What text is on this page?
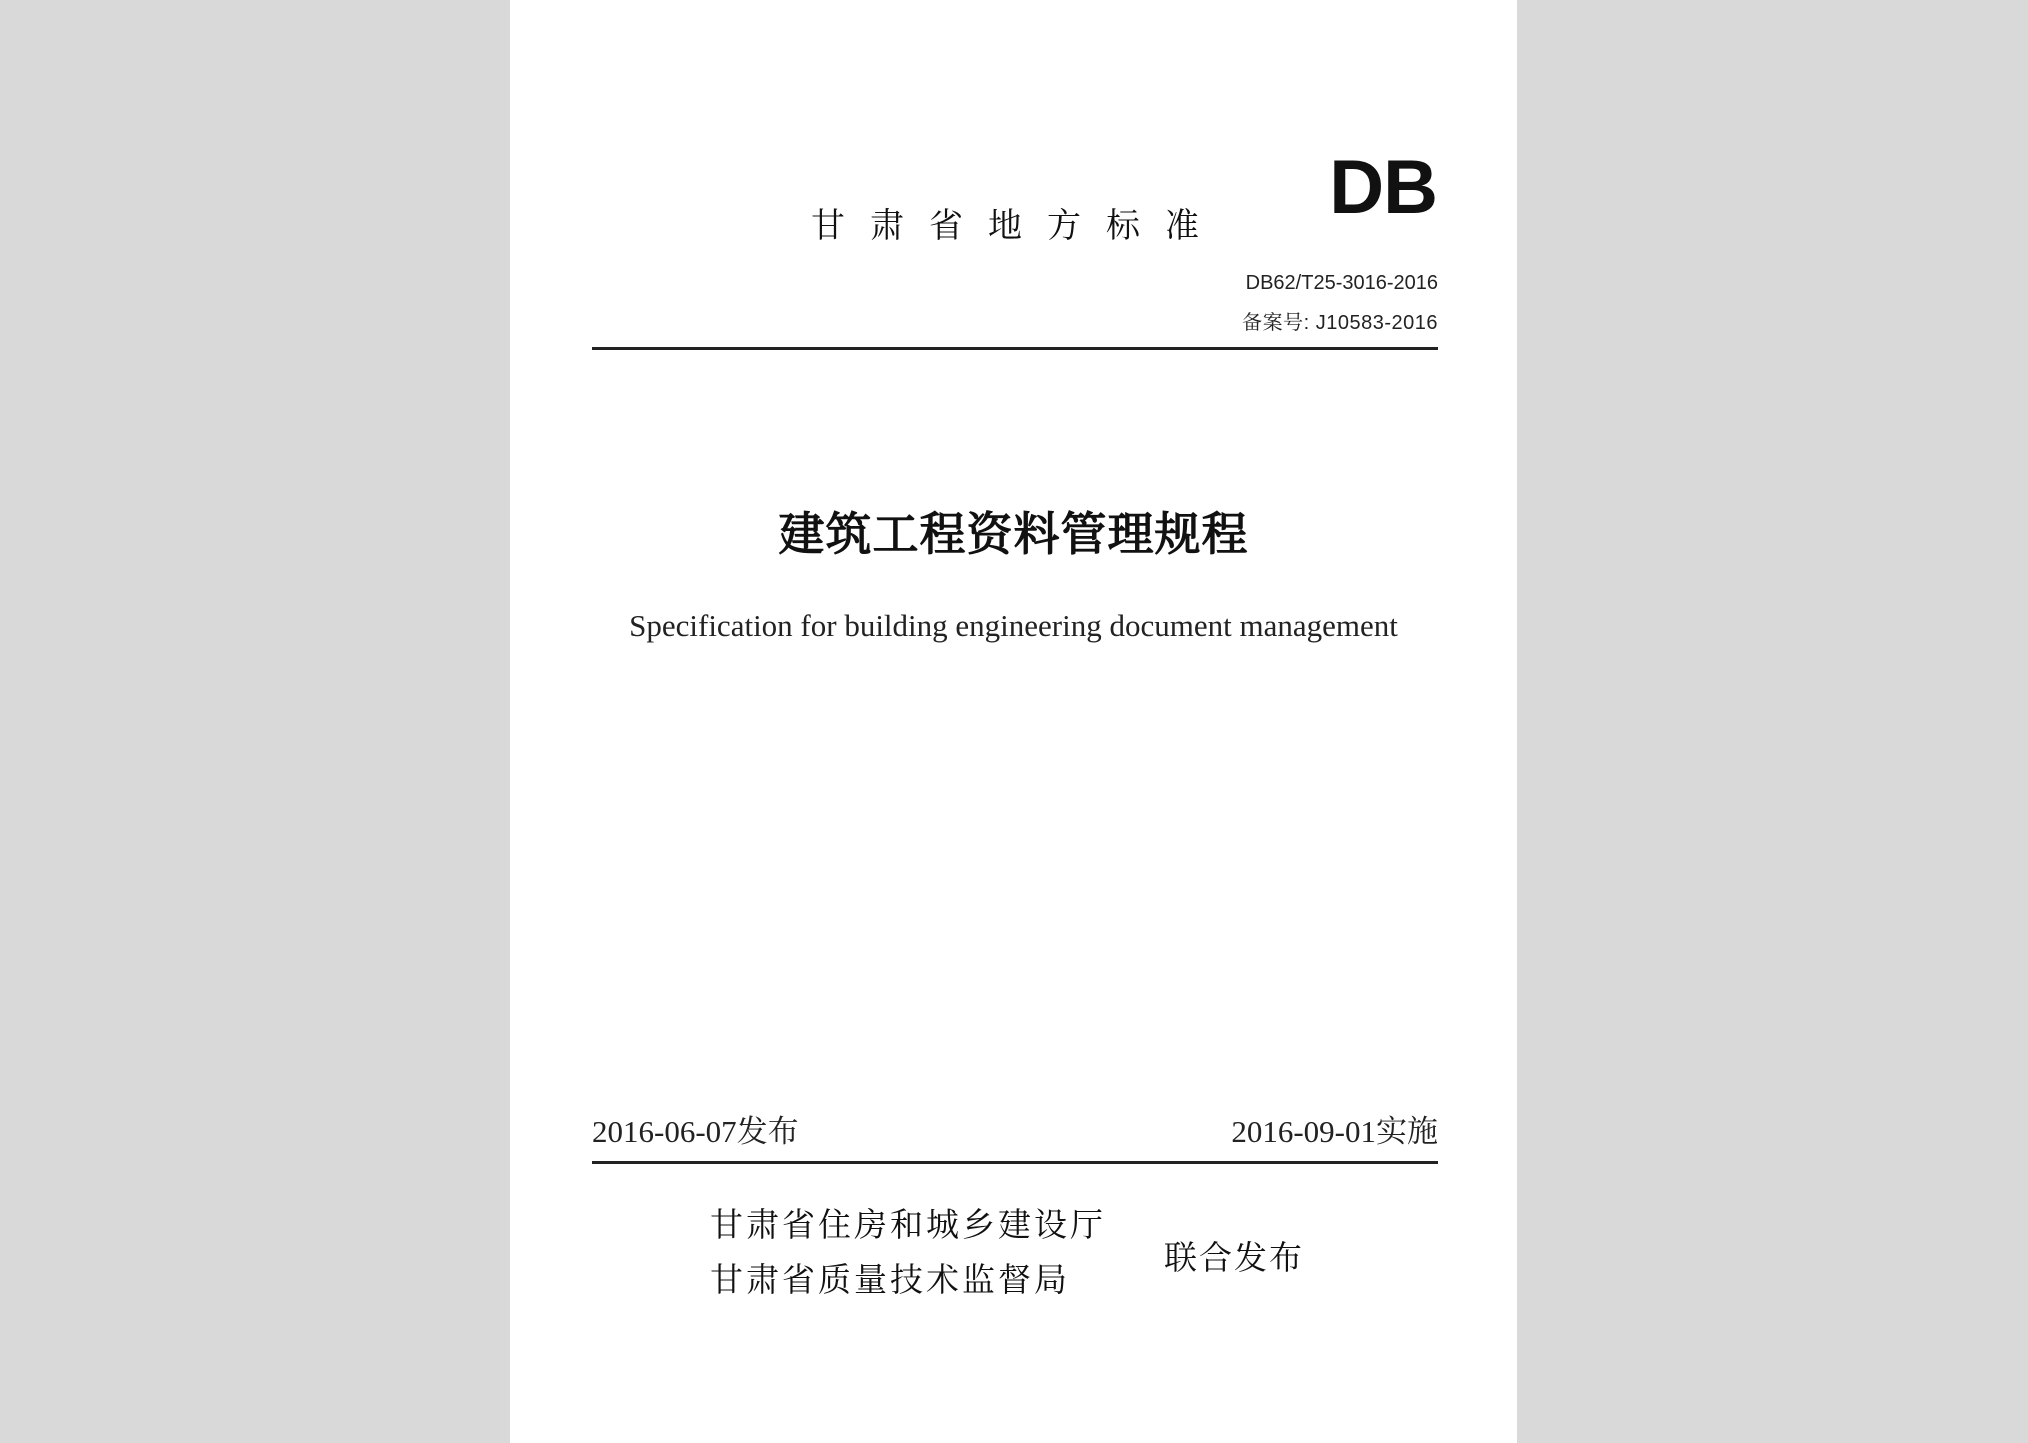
DB
甘肃省地方标准
DB62/T25-3016-2016
备案号: J10583-2016
建筑工程资料管理规程
Specification for building engineering document management
2016-06-07发布	2016-09-01实施
甘肃省住房和城乡建设厅
甘肃省质量技术监督局
联合发布
